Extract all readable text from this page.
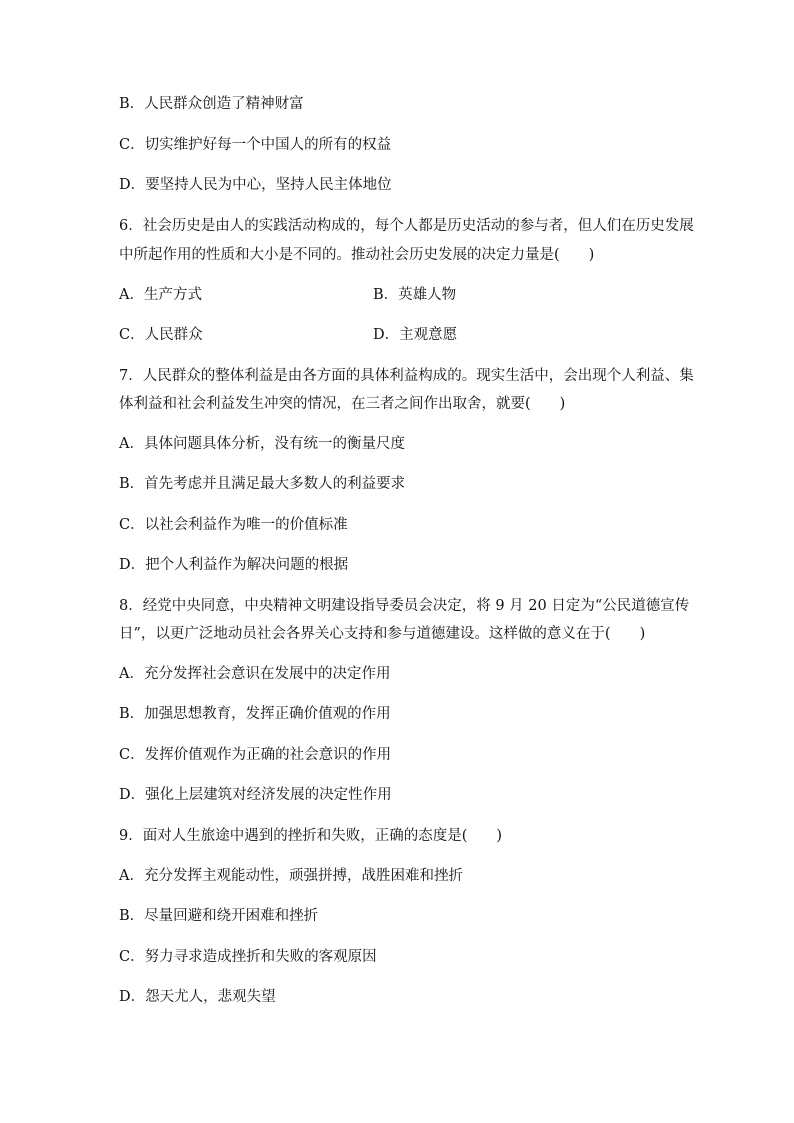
B．人民群众创造了精神财富
C．切实维护好每一个中国人的所有的权益
D．要坚持人民为中心，坚持人民主体地位
6．社会历史是由人的实践活动构成的，每个人都是历史活动的参与者，但人们在历史发展
中所起作用的性质和大小是不同的。推动社会历史发展的决定力量是(　　)
A．生产方式	B．英雄人物
C．人民群众	D．主观意愿
7．人民群众的整体利益是由各方面的具体利益构成的。现实生活中，会出现个人利益、集
体利益和社会利益发生冲突的情况，在三者之间作出取舍，就要(　　)
A．具体问题具体分析，没有统一的衡量尺度
B．首先考虑并且满足最大多数人的利益要求
C．以社会利益作为唯一的价值标准
D．把个人利益作为解决问题的根据
8．经党中央同意，中央精神文明建设指导委员会决定，将 9 月 20 日定为“公民道德宣传
日”，以更广泛地动员社会各界关心支持和参与道德建设。这样做的意义在于(　　)
A．充分发挥社会意识在发展中的决定作用
B．加强思想教育，发挥正确价值观的作用
C．发挥价值观作为正确的社会意识的作用
D．强化上层建筑对经济发展的决定性作用
9．面对人生旅途中遇到的挫折和失败，正确的态度是(　　)
A．充分发挥主观能动性，顽强拼搏，战胜困难和挫折
B．尽量回避和绕开困难和挫折
C．努力寻求造成挫折和失败的客观原因
D．怨天尤人，悲观失望
